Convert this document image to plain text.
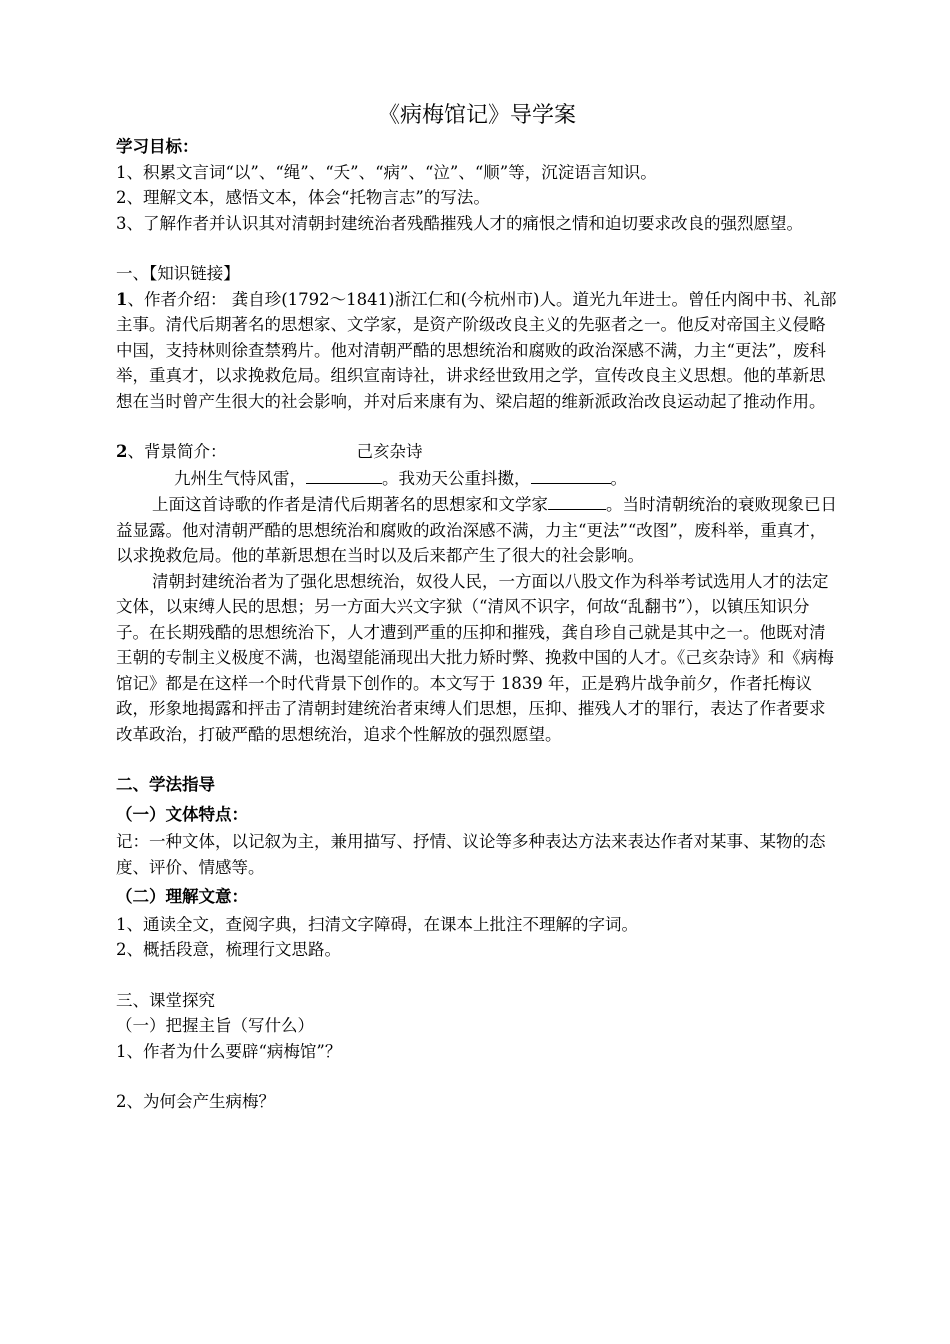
《病梅馆记》导学案

学习目标：

1、积累文言词“以”、“绳”、“夭”、“病”、“泣”、“顺”等，沉淀语言知识。

2、理解文本，感悟文本，体会“托物言志”的写法。

3、了解作者并认识其对清朝封建统治者残酷摧残人才的痛恨之情和迫切要求改良的强烈愿望。

一、【知识链接】

1、作者介绍： 龚自珍(1792～1841)浙江仁和(今杭州市)人。道光九年进士。曾任内阁中书、礼部主事。清代后期著名的思想家、文学家，是资产阶级改良主义的先驱者之一。他反对帝国主义侵略中国，支持林则徐查禁鸦片。他对清朝严酷的思想统治和腐败的政治深感不满，力主“更法”，废科举，重真才，以求挽救危局。组织宣南诗社，讲求经世致用之学，宣传改良主义思想。他的革新思想在当时曾产生很大的社会影响，并对后来康有为、梁启超的维新派政治改良运动起了推动作用。

2、背景简介：	己亥杂诗

九州生气恃风雷，	。我劝天公重抖擞，	。

上面这首诗歌的作者是清代后期著名的思想家和文学家	。当时清朝统治的衰败现象已日益显露。他对清朝严酷的思想统治和腐败的政治深感不满，力主“更法”“改图”，废科举，重真才，以求挽救危局。他的革新思想在当时以及后来都产生了很大的社会影响。

清朝封建统治者为了强化思想统治，奴役人民，一方面以八股文作为科举考试选用人才的法定文体，以束缚人民的思想；另一方面大兴文字狱（“清风不识字，何故“乱翻书”），以镇压知识分子。在长期残酷的思想统治下，人才遭到严重的压抑和摧残，龚自珍自己就是其中之一。他既对清王朝的专制主义极度不满，也渴望能涌现出大批力矫时弊、挽救中国的人才。《己亥杂诗》和《病梅馆记》都是在这样一个时代背景下创作的。本文写于 1839 年，正是鸦片战争前夕，作者托梅议政，形象地揭露和抨击了清朝封建统治者束缚人们思想，压抑、摧残人才的罪行，表达了作者要求改革政治，打破严酷的思想统治，追求个性解放的强烈愿望。

二、学法指导

（一）文体特点：

记：一种文体，以记叙为主，兼用描写、抒情、议论等多种表达方法来表达作者对某事、某物的态度、评价、情感等。

（二）理解文意：

1、通读全文，查阅字典，扫清文字障碍，在课本上批注不理解的字词。

2、概括段意，梳理行文思路。

三、课堂探究

（一）把握主旨（写什么）

1、作者为什么要辟“病梅馆”？

2、为何会产生病梅？
